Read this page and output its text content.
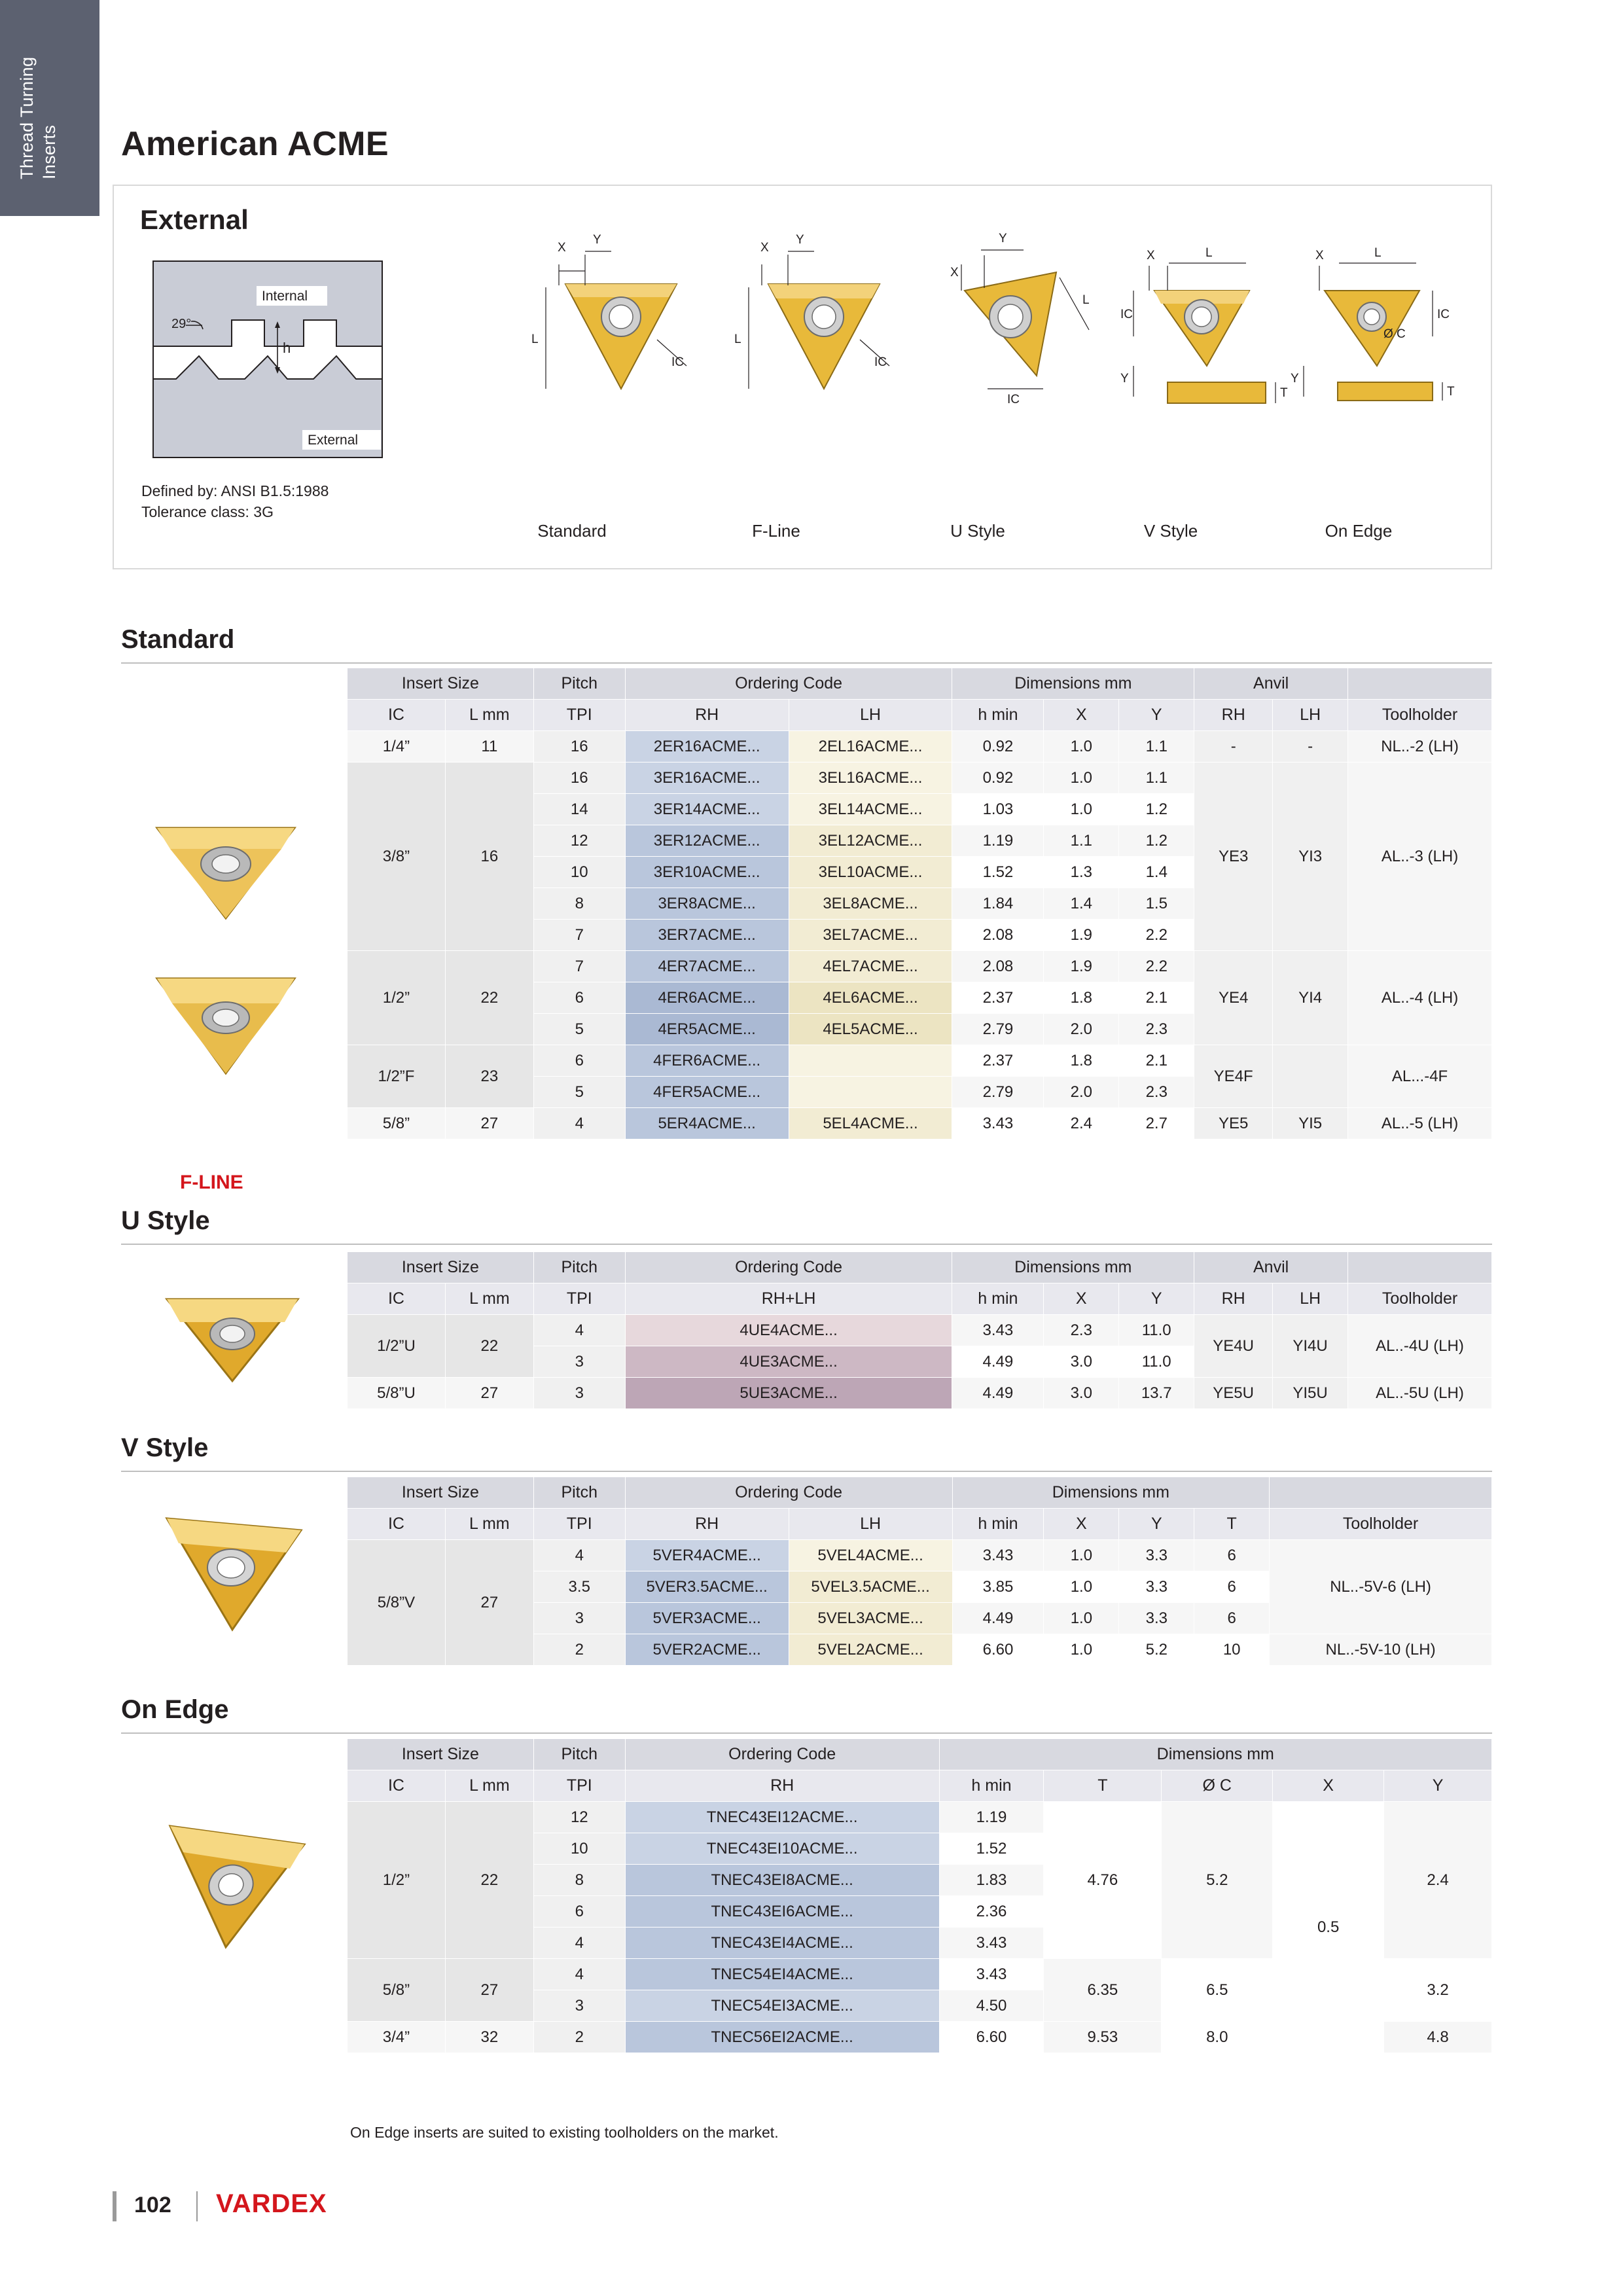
Thread Turning Inserts American ACME
External
29°
h
Internal
External
Defined by: ANSI B1.5:1988
Tolerance class: 3G
X
Y
L
IC
X
Y
L
IC
X
Y
L
IC
X	L
IC
Y
T
X	L
IC
Ø C
Y
T
Standard	F-Line	U Style	V Style	On Edge
Standard
F-LINE
Insert Size		Pitch	Ordering Code		Dimensions mm			Anvil		
IC	L mm	TPI	RH	LH	h min	X	Y	RH	LH	Toolholder
1/4”	11	16	2ER16ACME...	2EL16ACME...	0.92	1.0	1.1	-	-	NL..-2 (LH)
3/8”	16	16	3ER16ACME...	3EL16ACME...	0.92	1.0	1.1	YE3	YI3	AL..-3 (LH)
		14	3ER14ACME...	3EL14ACME...	1.03	1.0	1.2			
		12	3ER12ACME...	3EL12ACME...	1.19	1.1	1.2			
		10	3ER10ACME...	3EL10ACME...	1.52	1.3	1.4			
		8	3ER8ACME...	3EL8ACME...	1.84	1.4	1.5			
		7	3ER7ACME...	3EL7ACME...	2.08	1.9	2.2			
1/2”	22	7	4ER7ACME...	4EL7ACME...	2.08	1.9	2.2	YE4	YI4	AL..-4 (LH)
		6	4ER6ACME...	4EL6ACME...	2.37	1.8	2.1			
		5	4ER5ACME...	4EL5ACME...	2.79	2.0	2.3			
1/2”F	23	6	4FER6ACME...		2.37	1.8	2.1	YE4F		AL...-4F
		5	4FER5ACME...		2.79	2.0	2.3			
5/8”	27	4	5ER4ACME...	5EL4ACME...	3.43	2.4	2.7	YE5	YI5	AL..-5 (LH)
U Style
Insert Size		Pitch	Ordering Code	Dimensions mm			Anvil		
IC	L mm	TPI	RH+LH	h min	X	Y	RH	LH	Toolholder
1/2”U	22	4	4UE4ACME...	3.43	2.3	11.0	YE4U	YI4U	AL..-4U (LH)
		3	4UE3ACME...	4.49	3.0	11.0			
5/8”U	27	3	5UE3ACME...	4.49	3.0	13.7	YE5U	YI5U	AL..-5U (LH)
V Style
Insert Size		Pitch	Ordering Code		Dimensions mm				
IC	L mm	TPI	RH	LH	h min	X	Y	T	Toolholder
5/8”V	27	4	5VER4ACME...	5VEL4ACME...	3.43	1.0	3.3	6	NL..-5V-6 (LH)
		3.5	5VER3.5ACME...	5VEL3.5ACME...	3.85	1.0	3.3	6	
		3	5VER3ACME...	5VEL3ACME...	4.49	1.0	3.3	6	
		2	5VER2ACME...	5VEL2ACME...	6.60	1.0	5.2	10	NL..-5V-10 (LH)
On Edge
Insert Size		Pitch	Ordering Code	Dimensions mm				
IC	L mm	TPI	RH	h min	T	Ø C	X	Y
1/2”	22	12	TNEC43EI12ACME...	1.19	4.76	5.2	0.5	2.4
		10	TNEC43EI10ACME...	1.52				
		8	TNEC43EI8ACME...	1.83				
		6	TNEC43EI6ACME...	2.36				
		4	TNEC43EI4ACME...	3.43				
5/8”	27	4	TNEC54EI4ACME...	3.43	6.35	6.5		3.2
		3	TNEC54EI3ACME...	4.50				
3/4”	32	2	TNEC56EI2ACME...	6.60	9.53	8.0		4.8
On Edge inserts are suited to existing toolholders on the market.
102 VARDEX
